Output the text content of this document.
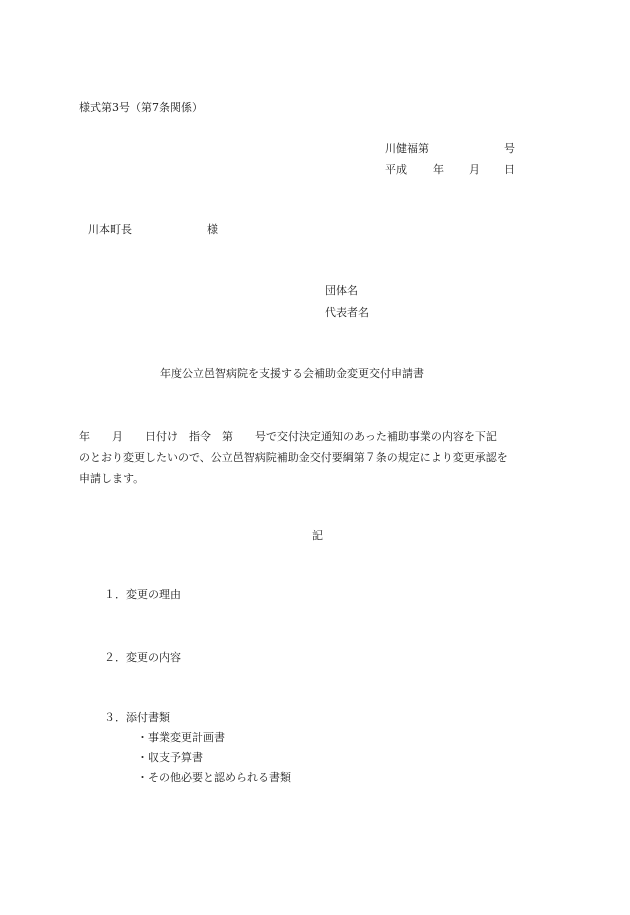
様式第3号（第7条関係）
川健福第	号
平成 年 月 日
川本町長	様
団体名
代表者名
年度公立邑智病院を支援する会補助金変更交付申請書
年　　月　　日付け　指令　第　　号で交付決定通知のあった補助事業の内容を下記
のとおり変更したいので、公立邑智病院補助金交付要綱第７条の規定により変更承認を
申請します。
記
１．変更の理由
２．変更の内容
３．添付書類
・事業変更計画書
・収支予算書
・その他必要と認められる書類
